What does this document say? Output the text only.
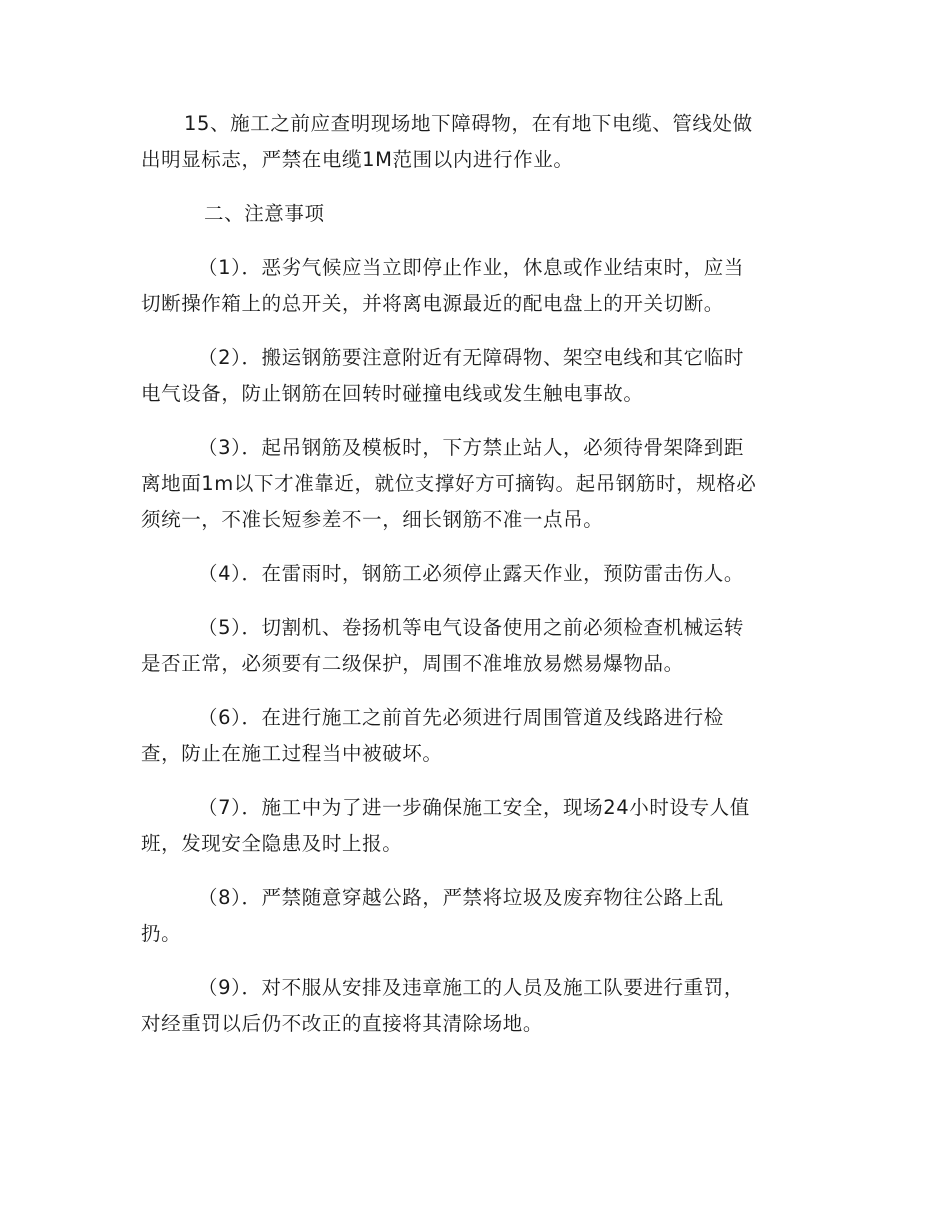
15、施工之前应查明现场地下障碍物，在有地下电缆、管线处做
出明显标志，严禁在电缆1M范围以内进行作业。
二、注意事项
（1）．恶劣气候应当立即停止作业，休息或作业结束时，应当
切断操作箱上的总开关，并将离电源最近的配电盘上的开关切断。
（2）．搬运钢筋要注意附近有无障碍物、架空电线和其它临时
电气设备，防止钢筋在回转时碰撞电线或发生触电事故。
（3）．起吊钢筋及模板时，下方禁止站人，必须待骨架降到距
离地面1m以下才准靠近，就位支撑好方可摘钩。起吊钢筋时，规格必
须统一，不准长短参差不一，细长钢筋不准一点吊。
（4）．在雷雨时，钢筋工必须停止露天作业，预防雷击伤人。
（5）．切割机、卷扬机等电气设备使用之前必须检查机械运转
是否正常，必须要有二级保护，周围不准堆放易燃易爆物品。
（6）．在进行施工之前首先必须进行周围管道及线路进行检
查，防止在施工过程当中被破坏。
（7）．施工中为了进一步确保施工安全，现场24小时设专人值
班，发现安全隐患及时上报。
（8）．严禁随意穿越公路，严禁将垃圾及废弃物往公路上乱
扔。
（9）．对不服从安排及违章施工的人员及施工队要进行重罚，
对经重罚以后仍不改正的直接将其清除场地。
